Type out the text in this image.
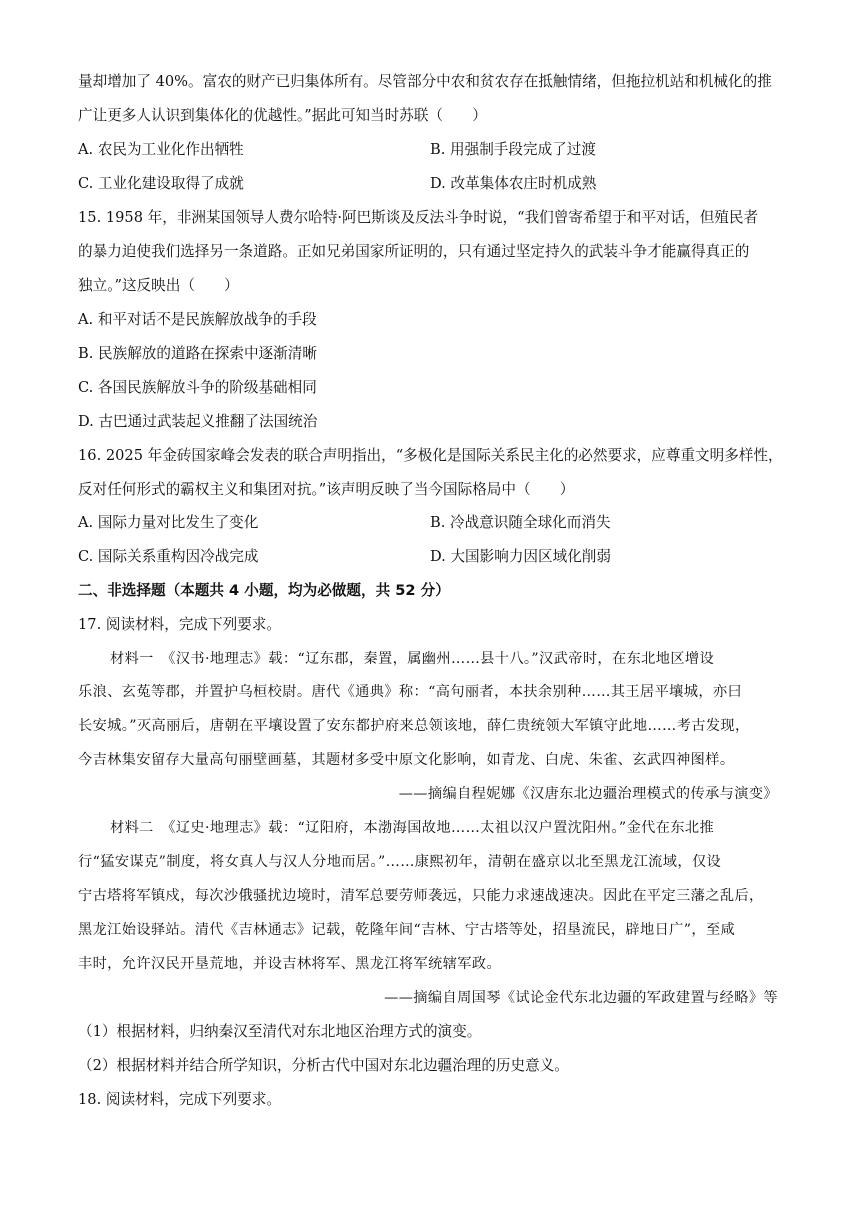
量却增加了 40%。富农的财产已归集体所有。尽管部分中农和贫农存在抵触情绪，但拖拉机站和机械化的推
广让更多人认识到集体化的优越性。”据此可知当时苏联（　　）
A. 农民为工业化作出牺牲	B. 用强制手段完成了过渡
C. 工业化建设取得了成就	D. 改革集体农庄时机成熟
15. 1958 年，非洲某国领导人费尔哈特·阿巴斯谈及反法斗争时说，“我们曾寄希望于和平对话，但殖民者
的暴力迫使我们选择另一条道路。正如兄弟国家所证明的，只有通过坚定持久的武装斗争才能赢得真正的
独立。”这反映出（　　）
A. 和平对话不是民族解放战争的手段
B. 民族解放的道路在探索中逐渐清晰
C. 各国民族解放斗争的阶级基础相同
D. 古巴通过武装起义推翻了法国统治
16. 2025 年金砖国家峰会发表的联合声明指出，“多极化是国际关系民主化的必然要求，应尊重文明多样性，
反对任何形式的霸权主义和集团对抗。”该声明反映了当今国际格局中（　　）
A. 国际力量对比发生了变化	B. 冷战意识随全球化而消失
C. 国际关系重构因冷战完成	D. 大国影响力因区域化削弱
二、非选择题（本题共 4 小题，均为必做题，共 52 分）
17. 阅读材料，完成下列要求。
材料一　《汉书·地理志》载：“辽东郡，秦置，属幽州……县十八。”汉武帝时，在东北地区增设
乐浪、玄菟等郡，并置护乌桓校尉。唐代《通典》称：“高句丽者，本扶余别种……其王居平壤城，亦曰
长安城。”灭高丽后，唐朝在平壤设置了安东都护府来总领该地，薛仁贵统领大军镇守此地……考古发现，
今吉林集安留存大量高句丽壁画墓，其题材多受中原文化影响，如青龙、白虎、朱雀、玄武四神图样。
——摘编自程妮娜《汉唐东北边疆治理模式的传承与演变》
材料二　《辽史·地理志》载：“辽阳府，本渤海国故地……太祖以汉户置沈阳州。”金代在东北推
行“猛安谋克”制度，将女真人与汉人分地而居。”……康熙初年，清朝在盛京以北至黑龙江流域，仅设
宁古塔将军镇戍，每次沙俄骚扰边境时，清军总要劳师袭远，只能力求速战速决。因此在平定三藩之乱后，
黑龙江始设驿站。清代《吉林通志》记载，乾隆年间“吉林、宁古塔等处，招垦流民，辟地日广”，至咸
丰时，允许汉民开垦荒地，并设吉林将军、黑龙江将军统辖军政。
——摘编自周国琴《试论金代东北边疆的军政建置与经略》等
（1）根据材料，归纳秦汉至清代对东北地区治理方式的演变。
（2）根据材料并结合所学知识，分析古代中国对东北边疆治理的历史意义。
18. 阅读材料，完成下列要求。
